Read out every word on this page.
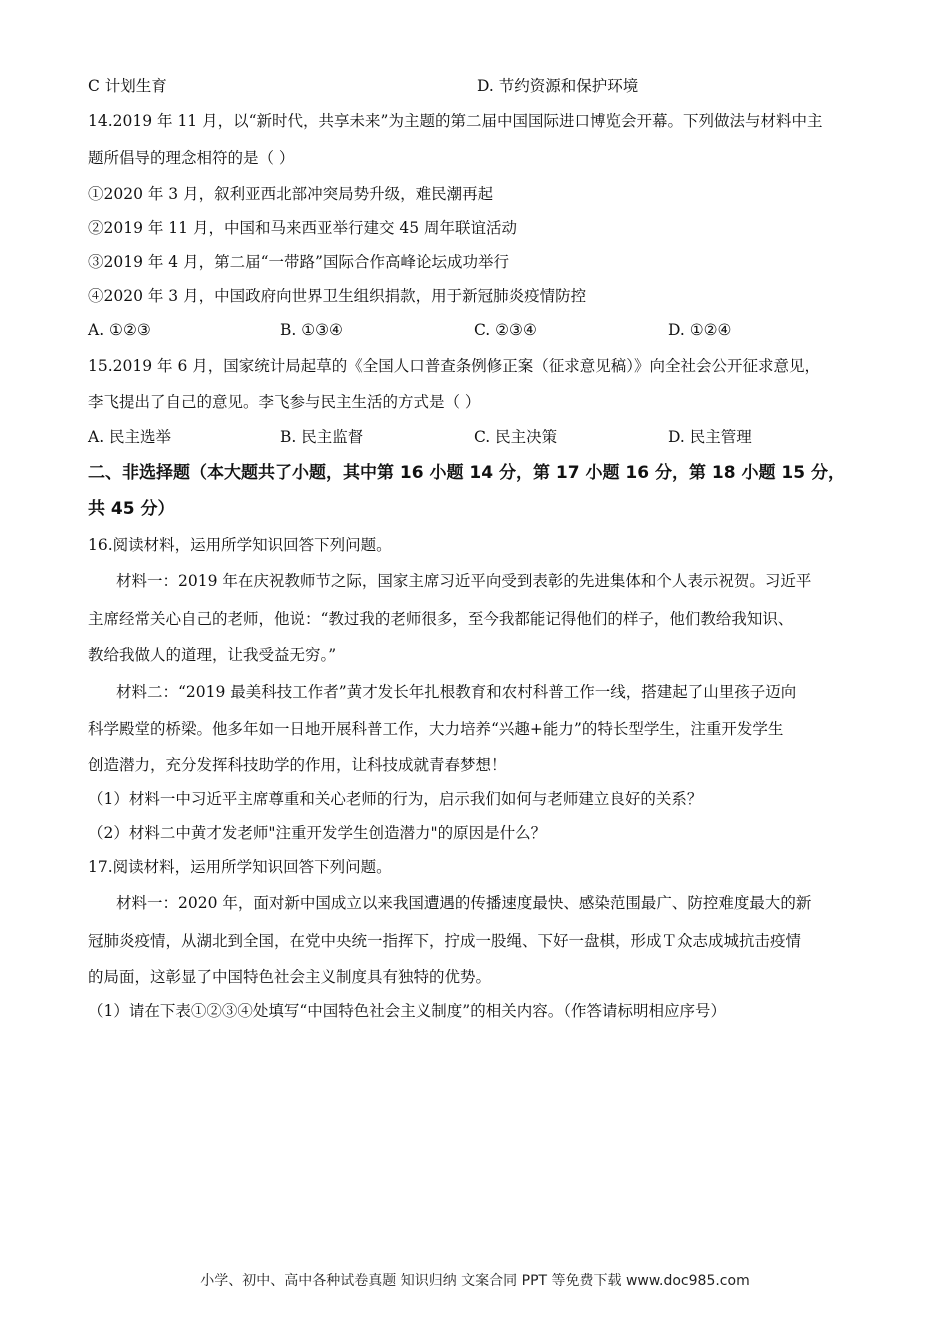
C 计划生育	D. 节约资源和保护环境
14.2019 年 11 月，以“新时代，共享未来”为主题的第二届中国国际进口博览会开幕。下列做法与材料中主
题所倡导的理念相符的是（ ）
①2020 年 3 月，叙利亚西北部冲突局势升级，难民潮再起
②2019 年 11 月，中国和马来西亚举行建交 45 周年联谊活动
③2019 年 4 月，第二届“一带路”国际合作高峰论坛成功举行
④2020 年 3 月，中国政府向世界卫生组织捐款，用于新冠肺炎疫情防控
A. ①②③	B. ①③④	C. ②③④	D. ①②④
15.2019 年 6 月，国家统计局起草的《全国人口普查条例修正案（征求意见稿）》向全社会公开征求意见，
李飞提出了自己的意见。李飞参与民主生活的方式是（ ）
A. 民主选举	B. 民主监督	C. 民主决策	D. 民主管理
二、非选择题（本大题共了小题，其中第 16 小题 14 分，第 17 小题 16 分，第 18 小题 15 分，
共 45 分）
16.阅读材料，运用所学知识回答下列问题。
材料一：2019 年在庆祝教师节之际，国家主席习近平向受到表彰的先进集体和个人表示祝贺。习近平
主席经常关心自己的老师，他说：“教过我的老师很多，至今我都能记得他们的样子，他们教给我知识、
教给我做人的道理，让我受益无穷。”
材料二：“2019 最美科技工作者”黄才发长年扎根教育和农村科普工作一线，搭建起了山里孩子迈向
科学殿堂的桥梁。他多年如一日地开展科普工作，大力培养“兴趣+能力”的特长型学生，注重开发学生
创造潜力，充分发挥科技助学的作用，让科技成就青春梦想！
（1）材料一中习近平主席尊重和关心老师的行为，启示我们如何与老师建立良好的关系？
（2）材料二中黄才发老师"注重开发学生创造潜力"的原因是什么？
17.阅读材料，运用所学知识回答下列问题。
材料一：2020 年，面对新中国成立以来我国遭遇的传播速度最快、感染范围最广、防控难度最大的新
冠肺炎疫情，从湖北到全国，在党中央统一指挥下，拧成一股绳、下好一盘棋，形成Ｔ众志成城抗击疫情
的局面，这彰显了中国特色社会主义制度具有独特的优势。
（1）请在下表①②③④处填写“中国特色社会主义制度”的相关内容。（作答请标明相应序号）
小学、初中、高中各种试卷真题 知识归纳 文案合同 PPT 等免费下载 www.doc985.com
